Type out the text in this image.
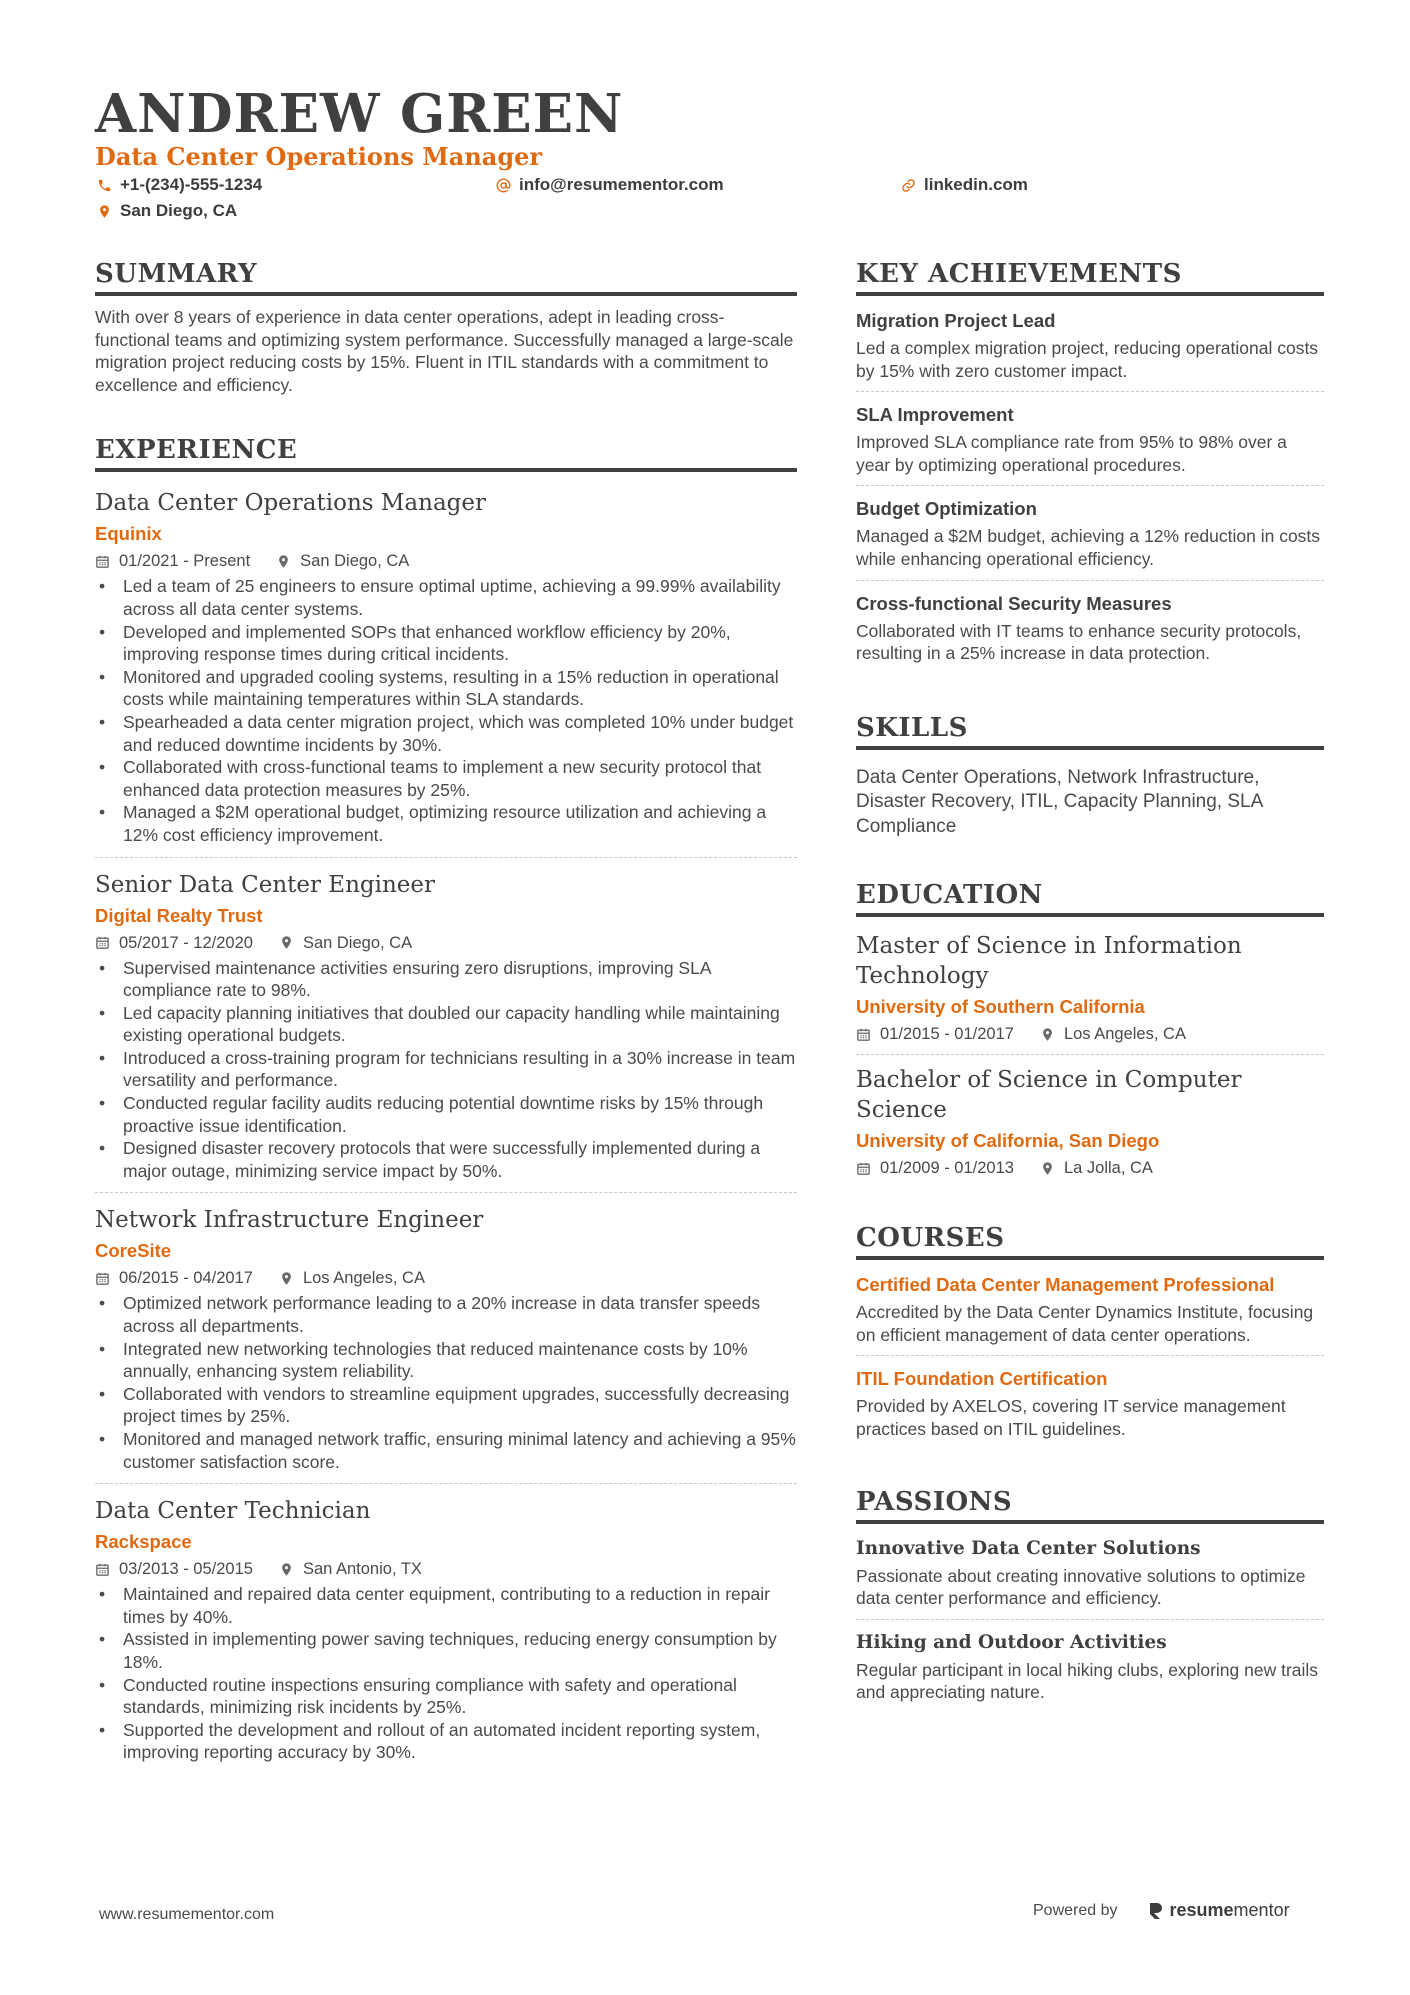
ANDREW GREEN
Data Center Operations Manager
+1-(234)-555-1234	info@resumementor.com	linkedin.com
San Diego, CA
SUMMARY

With over 8 years of experience in data center operations, adept in leading cross-functional teams and optimizing system performance. Successfully managed a large-scale migration project reducing costs by 15%. Fluent in ITIL standards with a commitment to excellence and efficiency.

EXPERIENCE
Data Center Operations Manager
Equinix
01/2021 - Present	San Diego, CA
• Led a team of 25 engineers to ensure optimal uptime, achieving a 99.99% availability across all data center systems.
• Developed and implemented SOPs that enhanced workflow efficiency by 20%, improving response times during critical incidents.
• Monitored and upgraded cooling systems, resulting in a 15% reduction in operational costs while maintaining temperatures within SLA standards.
• Spearheaded a data center migration project, which was completed 10% under budget and reduced downtime incidents by 30%.
• Collaborated with cross-functional teams to implement a new security protocol that enhanced data protection measures by 25%.
• Managed a $2M operational budget, optimizing resource utilization and achieving a 12% cost efficiency improvement.
Senior Data Center Engineer
Digital Realty Trust
05/2017 - 12/2020	San Diego, CA
• Supervised maintenance activities ensuring zero disruptions, improving SLA compliance rate to 98%.
• Led capacity planning initiatives that doubled our capacity handling while maintaining existing operational budgets.
• Introduced a cross-training program for technicians resulting in a 30% increase in team versatility and performance.
• Conducted regular facility audits reducing potential downtime risks by 15% through proactive issue identification.
• Designed disaster recovery protocols that were successfully implemented during a major outage, minimizing service impact by 50%.
Network Infrastructure Engineer
CoreSite
06/2015 - 04/2017	Los Angeles, CA
• Optimized network performance leading to a 20% increase in data transfer speeds across all departments.
• Integrated new networking technologies that reduced maintenance costs by 10% annually, enhancing system reliability.
• Collaborated with vendors to streamline equipment upgrades, successfully decreasing project times by 25%.
• Monitored and managed network traffic, ensuring minimal latency and achieving a 95% customer satisfaction score.
Data Center Technician
Rackspace
03/2013 - 05/2015	San Antonio, TX
• Maintained and repaired data center equipment, contributing to a reduction in repair times by 40%.
• Assisted in implementing power saving techniques, reducing energy consumption by 18%.
• Conducted routine inspections ensuring compliance with safety and operational standards, minimizing risk incidents by 25%.
• Supported the development and rollout of an automated incident reporting system, improving reporting accuracy by 30%.
KEY ACHIEVEMENTS
Migration Project Lead

Led a complex migration project, reducing operational costs by 15% with zero customer impact.

SLA Improvement

Improved SLA compliance rate from 95% to 98% over a year by optimizing operational procedures.

Budget Optimization

Managed a $2M budget, achieving a 12% reduction in costs while enhancing operational efficiency.

Cross-functional Security Measures

Collaborated with IT teams to enhance security protocols, resulting in a 25% increase in data protection.

SKILLS

Data Center Operations, Network Infrastructure, Disaster Recovery, ITIL, Capacity Planning, SLA Compliance

EDUCATION
Master of Science in Information Technology
University of Southern California
01/2015 - 01/2017	Los Angeles, CA
Bachelor of Science in Computer Science
University of California, San Diego
01/2009 - 01/2013	La Jolla, CA
COURSES
Certified Data Center Management Professional

Accredited by the Data Center Dynamics Institute, focusing on efficient management of data center operations.

ITIL Foundation Certification

Provided by AXELOS, covering IT service management practices based on ITIL guidelines.

PASSIONS
Innovative Data Center Solutions

Passionate about creating innovative solutions to optimize data center performance and efficiency.

Hiking and Outdoor Activities

Regular participant in local hiking clubs, exploring new trails and appreciating nature.

www.resumementor.com	Powered by	resumementor
